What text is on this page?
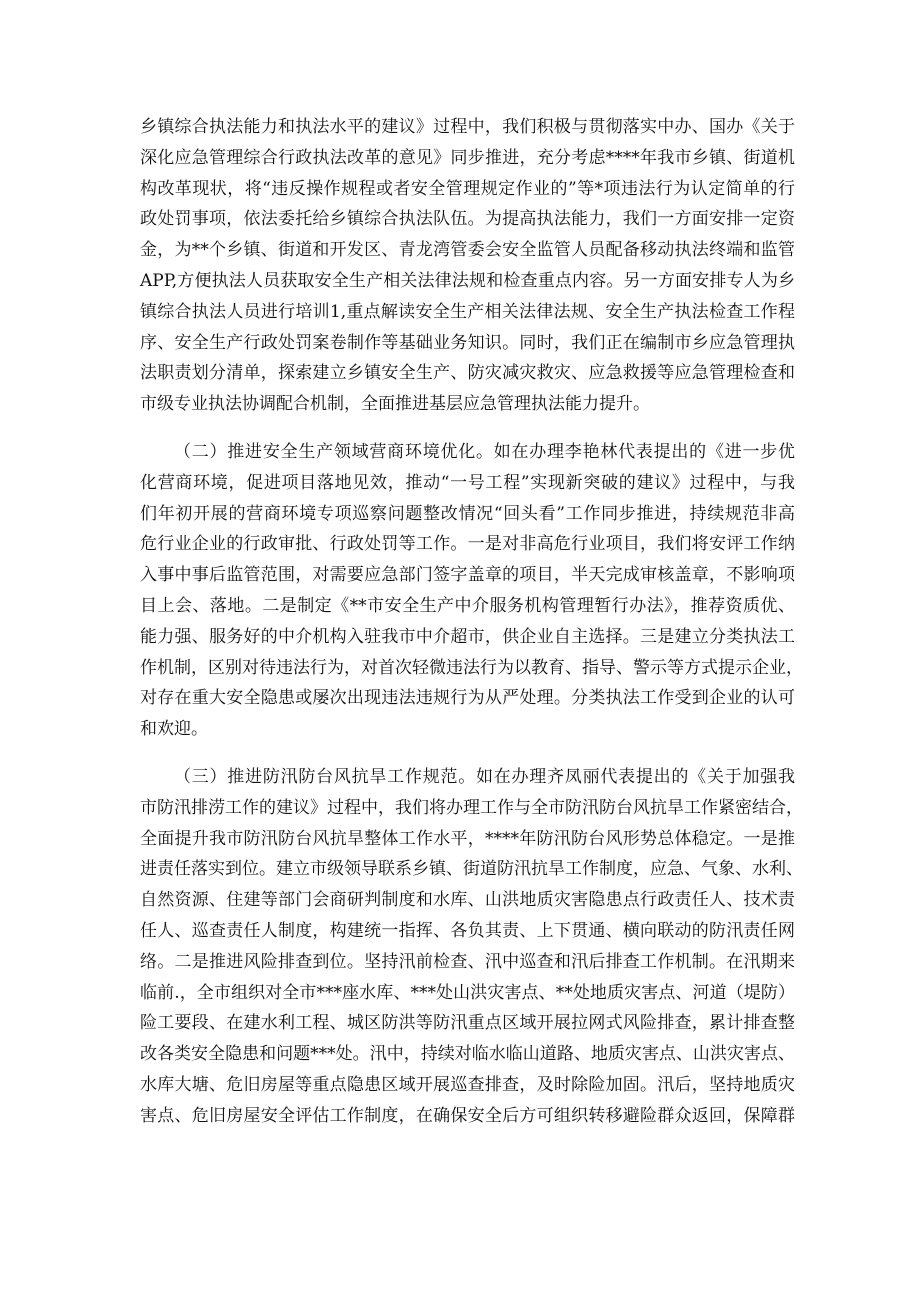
乡镇综合执法能力和执法水平的建议》过程中，我们积极与贯彻落实中办、国办《关于
深化应急管理综合行政执法改革的意见》同步推进，充分考虑****年我市乡镇、街道机
构改革现状，将“违反操作规程或者安全管理规定作业的”等*项违法行为认定简单的行
政处罚事项，依法委托给乡镇综合执法队伍。为提高执法能力，我们一方面安排一定资
金，为**个乡镇、街道和开发区、青龙湾管委会安全监管人员配备移动执法终端和监管
APP,方便执法人员获取安全生产相关法律法规和检查重点内容。另一方面安排专人为乡
镇综合执法人员进行培训1,重点解读安全生产相关法律法规、安全生产执法检查工作程
序、安全生产行政处罚案卷制作等基础业务知识。同时，我们正在编制市乡应急管理执
法职责划分清单，探索建立乡镇安全生产、防灾减灾救灾、应急救援等应急管理检查和
市级专业执法协调配合机制，全面推进基层应急管理执法能力提升。
（二）推进安全生产领域营商环境优化。如在办理李艳林代表提出的《进一步优
化营商环境，促进项目落地见效，推动“一号工程”实现新突破的建议》过程中，与我
们年初开展的营商环境专项巡察问题整改情况“回头看”工作同步推进，持续规范非高
危行业企业的行政审批、行政处罚等工作。一是对非高危行业项目，我们将安评工作纳
入事中事后监管范围，对需要应急部门签字盖章的项目，半天完成审核盖章，不影响项
目上会、落地。二是制定《**市安全生产中介服务机构管理暂行办法》，推荐资质优、
能力强、服务好的中介机构入驻我市中介超市，供企业自主选择。三是建立分类执法工
作机制，区别对待违法行为，对首次轻微违法行为以教育、指导、警示等方式提示企业，
对存在重大安全隐患或屡次出现违法违规行为从严处理。分类执法工作受到企业的认可
和欢迎。
（三）推进防汛防台风抗旱工作规范。如在办理齐凤丽代表提出的《关于加强我
市防汛排涝工作的建议》过程中，我们将办理工作与全市防汛防台风抗旱工作紧密结合，
全面提升我市防汛防台风抗旱整体工作水平，****年防汛防台风形势总体稳定。一是推
进责任落实到位。建立市级领导联系乡镇、街道防汛抗旱工作制度，应急、气象、水利、
自然资源、住建等部门会商研判制度和水库、山洪地质灾害隐患点行政责任人、技术责
任人、巡查责任人制度，构建统一指挥、各负其责、上下贯通、横向联动的防汛责任网
络。二是推进风险排查到位。坚持汛前检查、汛中巡查和汛后排查工作机制。在汛期来
临前.，全市组织对全市***座水库、***处山洪灾害点、**处地质灾害点、河道（堤防）
险工要段、在建水利工程、城区防洪等防汛重点区域开展拉网式风险排查，累计排查整
改各类安全隐患和问题***处。汛中，持续对临水临山道路、地质灾害点、山洪灾害点、
水库大塘、危旧房屋等重点隐患区域开展巡查排查，及时除险加固。汛后，坚持地质灾
害点、危旧房屋安全评估工作制度，在确保安全后方可组织转移避险群众返回，保障群
